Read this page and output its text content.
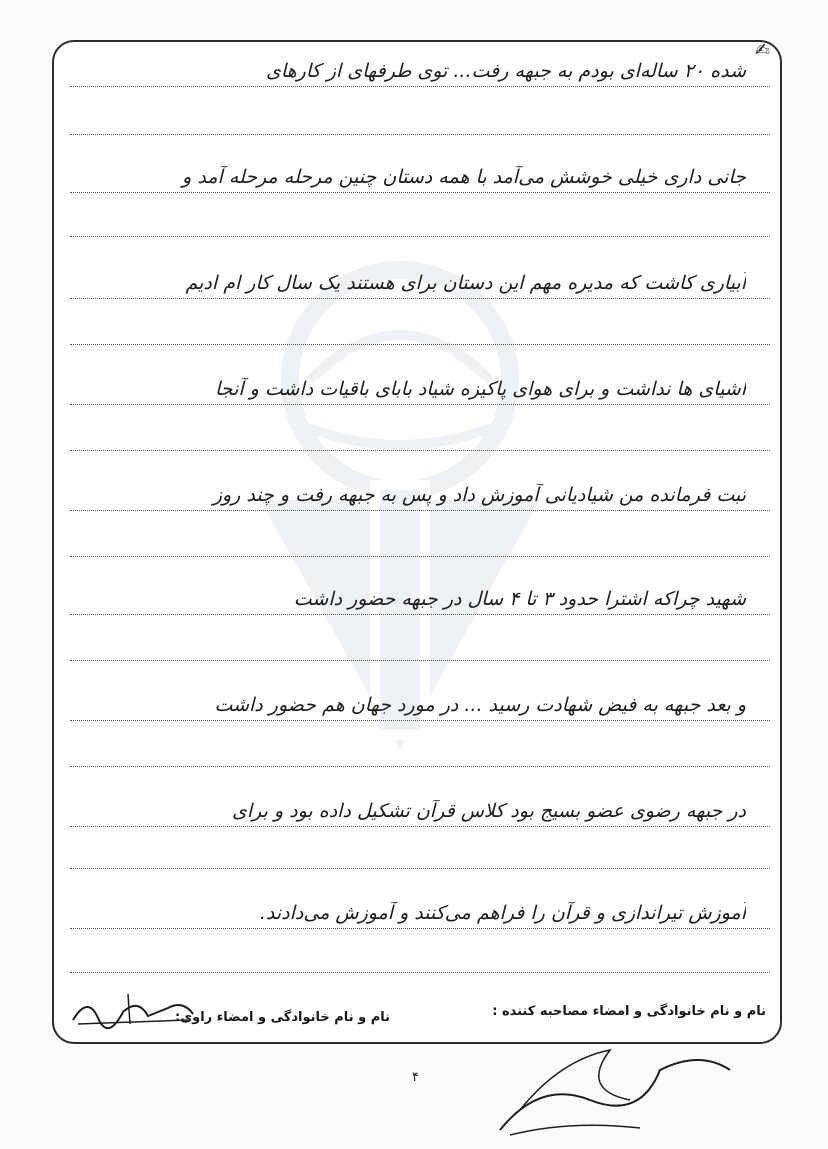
✍
شده ۲۰ ساله‌ای بودم به جبهه رفت... توی طرفهای از کارهای
جانی داری خیلی خوشش می‌آمد با همه دستان چنین مرحله مرحله آمد و
آبیاری کاشت که مدیره مهم این دستان برای هستند یک سال کار ام ادیم
اشیای ها نداشت و برای هوای پاکیزه شیاد بابای باقیات داشت و آنجا
ثبت فرمانده من شیادیانی آموزش داد و پس به جبهه رفت و چند روز
شهید چراکه اشترا حدود ۳ تا ۴ سال در جبهه حضور داشت
و بعد جبهه به فیض شهادت رسید ... در مورد جهان هم حضور داشت
در جبهه رضوی عضو بسیج بود کلاس قرآن تشکیل داده بود و برای
آموزش تیراندازی و قرآن را فراهم می‌کنند و آموزش می‌دادند.
نام و نام خانوادگی و امضاء مصاحبه کننده :
نام و نام خانوادگی و امضاء راوی:
۴
